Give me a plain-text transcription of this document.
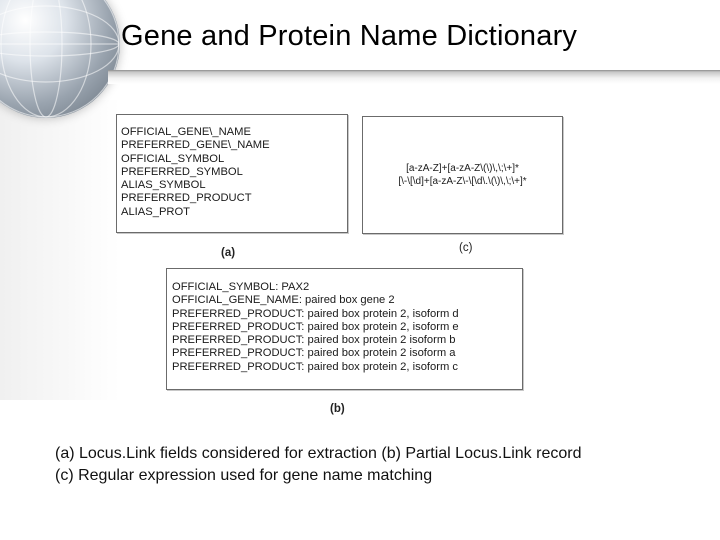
Gene and Protein Name Dictionary
OFFICIAL_GENE\_NAME
PREFERRED_GENE\_NAME
OFFICIAL_SYMBOL
PREFERRED_SYMBOL
ALIAS_SYMBOL
PREFERRED_PRODUCT
ALIAS_PROT
(a)
[a-zA-Z]+[a-zA-Z\(\)\,\;\+]*
[\-\[\d]+[a-zA-Z\-\[\d\.\(\)\,\;\+]*
(c)
OFFICIAL_SYMBOL: PAX2
OFFICIAL_GENE_NAME: paired box gene 2
PREFERRED_PRODUCT: paired box protein 2, isoform d
PREFERRED_PRODUCT: paired box protein 2, isoform e
PREFERRED_PRODUCT: paired box protein 2 isoform b
PREFERRED_PRODUCT: paired box protein 2 isoform a
PREFERRED_PRODUCT: paired box protein 2, isoform c
(b)
(a) Locus.Link fields considered for extraction (b) Partial Locus.Link record
(c) Regular expression used for gene name matching
